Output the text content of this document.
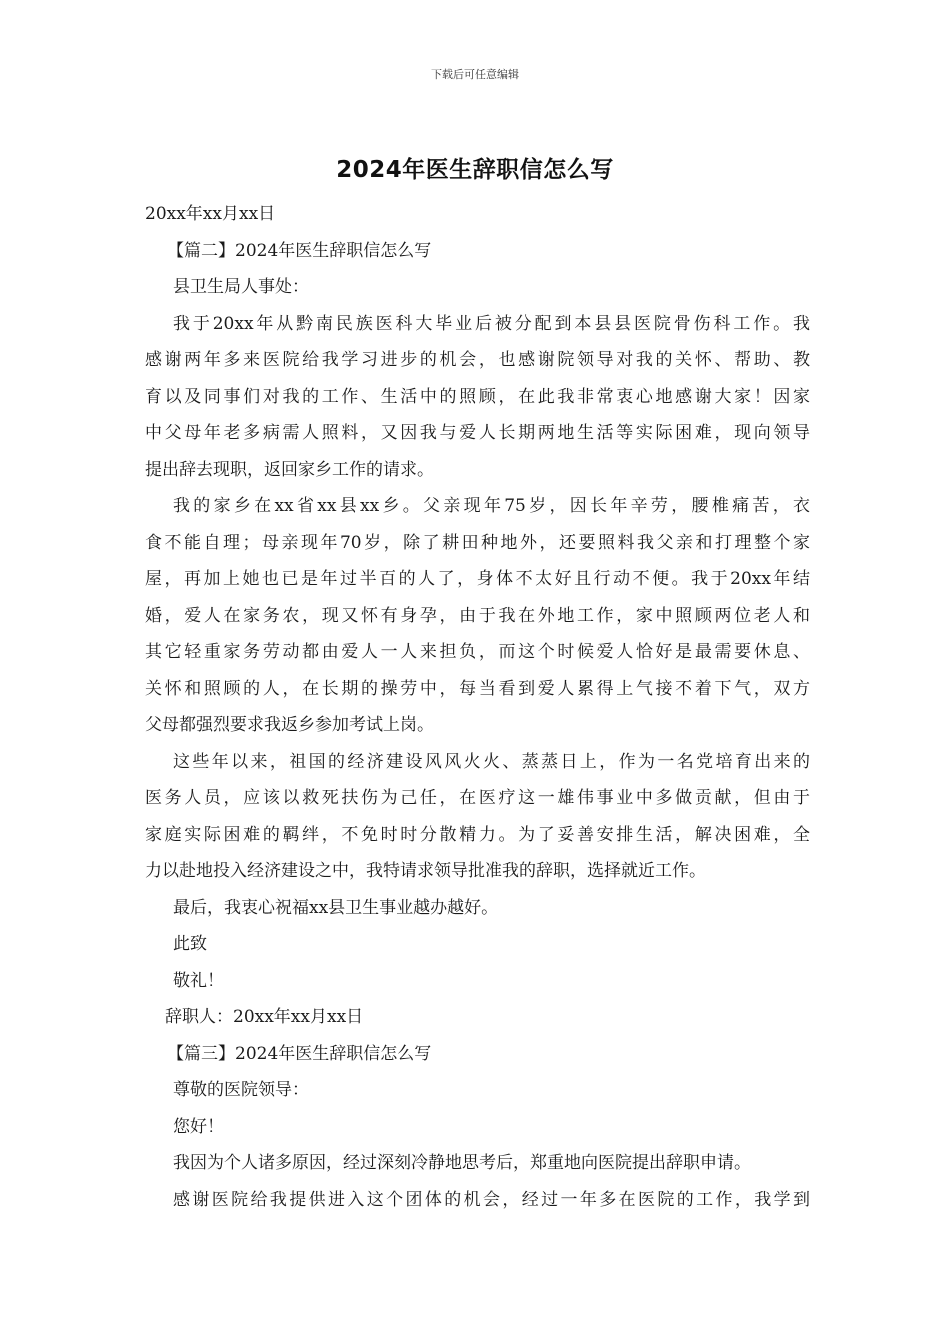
下载后可任意编辑
2024年医生辞职信怎么写
20xx年xx月xx日
【篇二】2024年医生辞职信怎么写
县卫生局人事处：
我于20xx年从黔南民族医科大毕业后被分配到本县县医院骨伤科工作。我
感谢两年多来医院给我学习进步的机会，也感谢院领导对我的关怀、帮助、教
育以及同事们对我的工作、生活中的照顾，在此我非常衷心地感谢大家！因家
中父母年老多病需人照料，又因我与爱人长期两地生活等实际困难，现向领导
提出辞去现职，返回家乡工作的请求。
我的家乡在xx省xx县xx乡。父亲现年75岁，因长年辛劳，腰椎痛苦，衣
食不能自理；母亲现年70岁，除了耕田种地外，还要照料我父亲和打理整个家
屋，再加上她也已是年过半百的人了，身体不太好且行动不便。我于20xx年结
婚，爱人在家务农，现又怀有身孕，由于我在外地工作，家中照顾两位老人和
其它轻重家务劳动都由爱人一人来担负，而这个时候爱人恰好是最需要休息、
关怀和照顾的人，在长期的操劳中，每当看到爱人累得上气接不着下气，双方
父母都强烈要求我返乡参加考试上岗。
这些年以来，祖国的经济建设风风火火、蒸蒸日上，作为一名党培育出来的
医务人员，应该以救死扶伤为己任，在医疗这一雄伟事业中多做贡献，但由于
家庭实际困难的羁绊，不免时时分散精力。为了妥善安排生活，解决困难，全
力以赴地投入经济建设之中，我特请求领导批准我的辞职，选择就近工作。
最后，我衷心祝福xx县卫生事业越办越好。
此致
敬礼！
辞职人：20xx年xx月xx日
【篇三】2024年医生辞职信怎么写
尊敬的医院领导：
您好！
我因为个人诸多原因，经过深刻冷静地思考后，郑重地向医院提出辞职申请。
感谢医院给我提供进入这个团体的机会，经过一年多在医院的工作，我学到
